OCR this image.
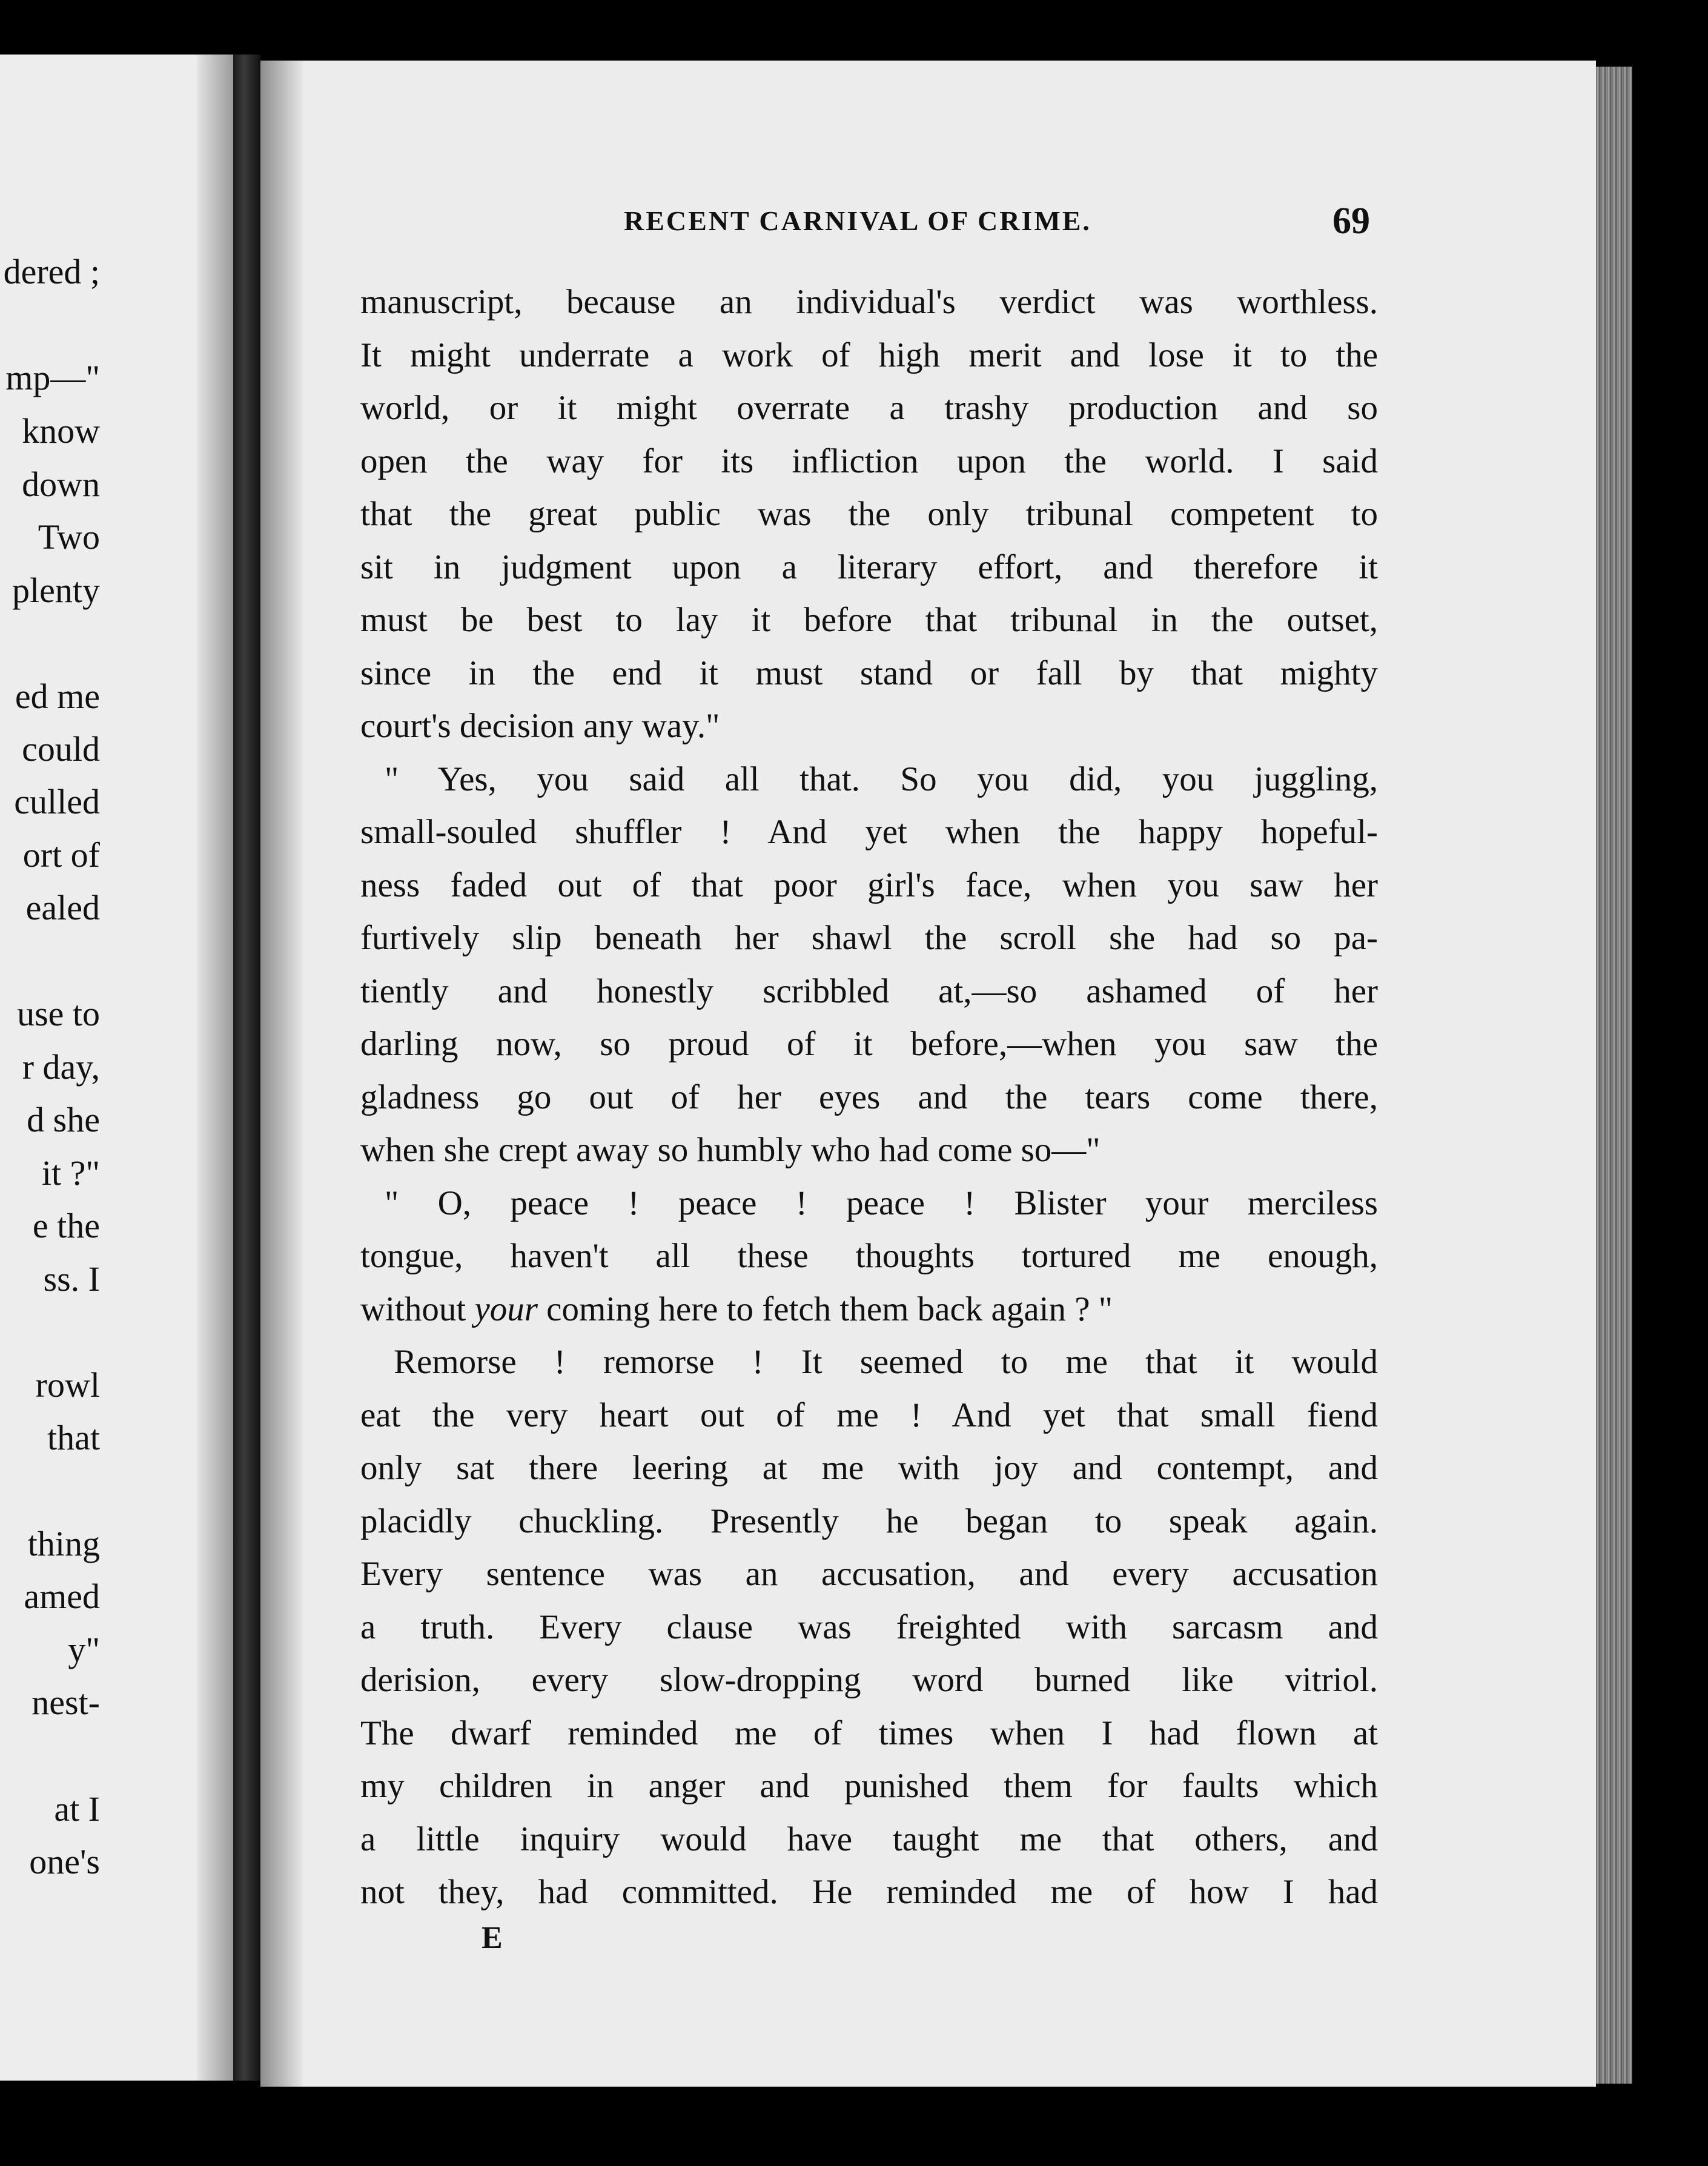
dered ;
mp—"
know
down
Two
plenty
ed me
could
culled
ort of
ealed
use to
r day,
d she
it ?"
e the
ss. I
rowl
that
thing
amed
y"
nest-
at I
one's
RECENT CARNIVAL OF CRIME.	69
manuscript, because an individual's verdict was worthless.
It might underrate a work of high merit and lose it to the
world, or it might overrate a trashy production and so
open the way for its infliction upon the world. I said
that the great public was the only tribunal competent to
sit in judgment upon a literary effort, and therefore it
must be best to lay it before that tribunal in the outset,
since in the end it must stand or fall by that mighty
court's decision any way."
" Yes, you said all that. So you did, you juggling,
small-souled shuffler ! And yet when the happy hopeful-
ness faded out of that poor girl's face, when you saw her
furtively slip beneath her shawl the scroll she had so pa-
tiently and honestly scribbled at,—so ashamed of her
darling now, so proud of it before,—when you saw the
gladness go out of her eyes and the tears come there,
when she crept away so humbly who had come so—"
" O, peace ! peace ! peace ! Blister your merciless
tongue, haven't all these thoughts tortured me enough,
without your coming here to fetch them back again ? "
Remorse ! remorse ! It seemed to me that it would
eat the very heart out of me ! And yet that small fiend
only sat there leering at me with joy and contempt, and
placidly chuckling. Presently he began to speak again.
Every sentence was an accusation, and every accusation
a truth. Every clause was freighted with sarcasm and
derision, every slow-dropping word burned like vitriol.
The dwarf reminded me of times when I had flown at
my children in anger and punished them for faults which
a little inquiry would have taught me that others, and
not they, had committed. He reminded me of how I had
E
